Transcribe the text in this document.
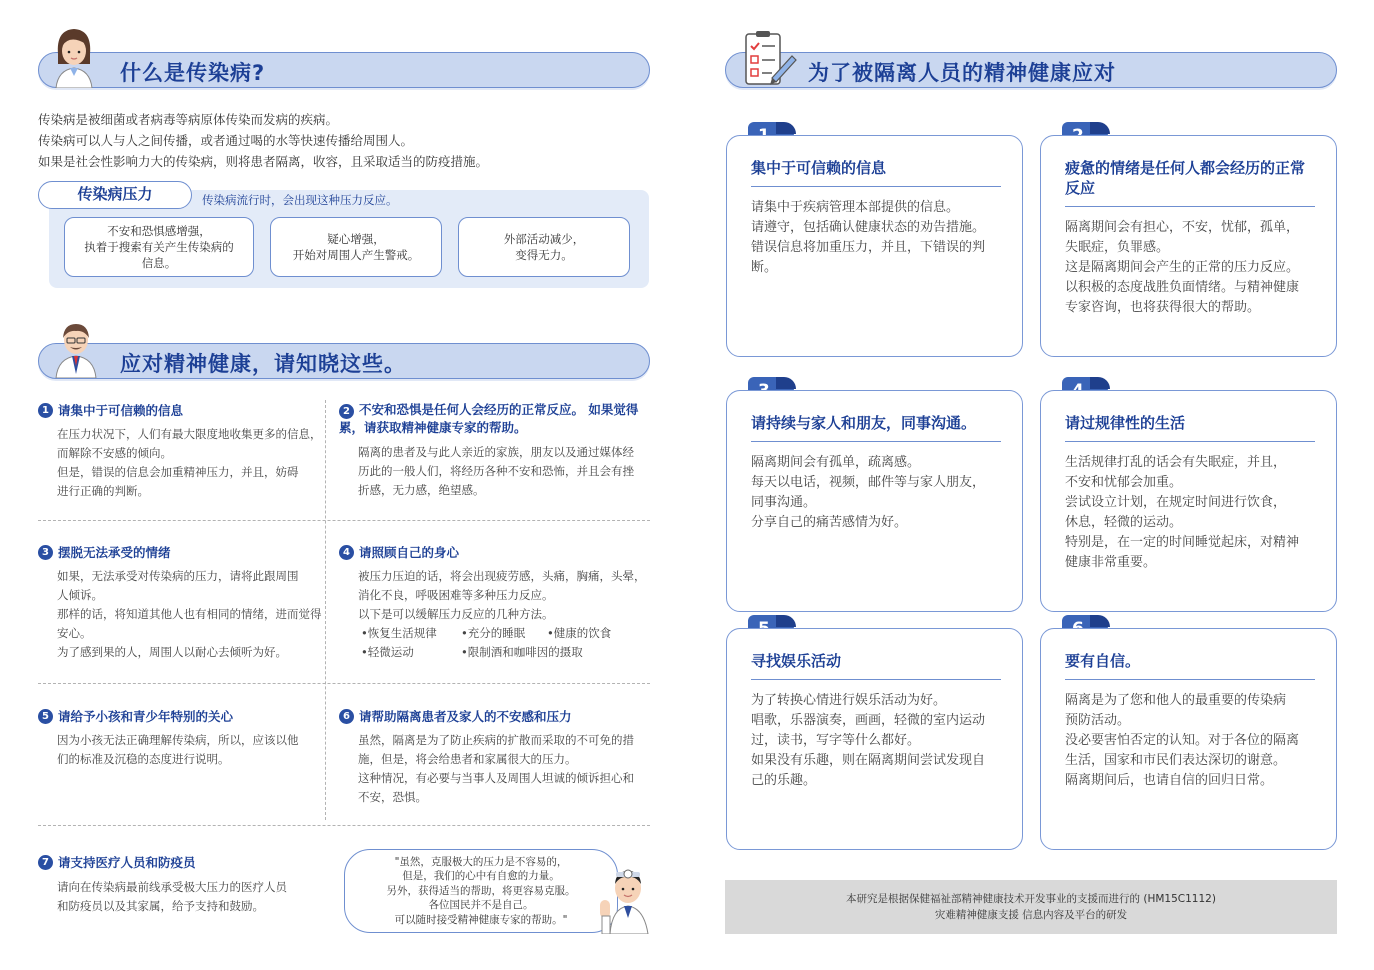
什么是传染病?
传染病是被细菌或者病毒等病原体传染而发病的疾病。
传染病可以人与人之间传播，或者通过喝的水等快速传播给周围人。
如果是社会性影响力大的传染病，则将患者隔离，收容，且采取适当的防疫措施。
传染病压力	传染病流行时，会出现这种压力反应。
不安和恐惧感增强，
执着于搜索有关产生传染病的
信息。
疑心增强，
开始对周围人产生警戒。
外部活动减少，
变得无力。
应对精神健康，请知晓这些。
1 请集中于可信赖的信息
在压力状况下，人们有最大限度地收集更多的信息，
而解除不安感的倾向。
但是，错误的信息会加重精神压力，并且，妨碍
进行正确的判断。
2 不安和恐惧是任何人会经历的正常反应。 如果觉得累，请获取精神健康专家的帮助。
隔离的患者及与此人亲近的家族，朋友以及通过媒体经
历此的一般人们，将经历各种不安和恐怖，并且会有挫
折感，无力感，绝望感。
3 摆脱无法承受的情绪
如果，无法承受对传染病的压力，请将此跟周围
人倾诉。
那样的话，将知道其他人也有相同的情绪，进而觉得
安心。
为了感到果的人，周围人以耐心去倾听为好。
4 请照顾自己的身心
被压力压迫的话，将会出现疲劳感，头痛，胸痛，头晕，
消化不良，呼吸困难等多种压力反应。
以下是可以缓解压力反应的几种方法。
•恢复生活规律 •充分的睡眠 •健康的饮食
•轻微运动	•限制酒和咖啡因的摄取
5 请给予小孩和青少年特别的关心
因为小孩无法正确理解传染病，所以，应该以他
们的标准及沉稳的态度进行说明。
6 请帮助隔离患者及家人的不安感和压力
虽然，隔离是为了防止疾病的扩散而采取的不可免的措
施，但是，将会给患者和家属很大的压力。
这种情况，有必要与当事人及周围人坦诚的倾诉担心和
不安，恐惧。
7 请支持医疗人员和防疫员
请向在传染病最前线承受极大压力的医疗人员
和防疫员以及其家属，给予支持和鼓励。
"虽然，克服极大的压力是不容易的，
但是，我们的心中有自愈的力量。
另外，获得适当的帮助，将更容易克服。
各位国民并不是自己。
可以随时接受精神健康专家的帮助。"
为了被隔离人员的精神健康应对
集中于可信赖的信息
请集中于疾病管理本部提供的信息。
请遵守，包括确认健康状态的劝告措施。
错误信息将加重压力，并且，下错误的判断。
疲惫的情绪是任何人都会经历的正常反应
隔离期间会有担心，不安，忧郁，孤单，
失眠症，负罪感。
这是隔离期间会产生的正常的压力反应。
以积极的态度战胜负面情绪。与精神健康
专家咨询，也将获得很大的帮助。
请持续与家人和朋友，同事沟通。
隔离期间会有孤单，疏离感。
每天以电话，视频，邮件等与家人朋友，
同事沟通。
分享自己的痛苦感情为好。
请过规律性的生活
生活规律打乱的话会有失眠症，并且，
不安和忧郁会加重。
尝试设立计划，在规定时间进行饮食，
休息，轻微的运动。
特别是，在一定的时间睡觉起床，对精神
健康非常重要。
寻找娱乐活动
为了转换心情进行娱乐活动为好。
唱歌，乐器演奏，画画，轻微的室内运动
过，读书，写字等什么都好。
如果没有乐趣，则在隔离期间尝试发现自
己的乐趣。
要有自信。
隔离是为了您和他人的最重要的传染病
预防活动。
没必要害怕否定的认知。对于各位的隔离
生活，国家和市民们表达深切的谢意。
隔离期间后，也请自信的回归日常。
本研究是根据保健福祉部精神健康技术开发事业的支援而进行的 (HM15C1112)
灾难精神健康支援 信息内容及平台的研发
